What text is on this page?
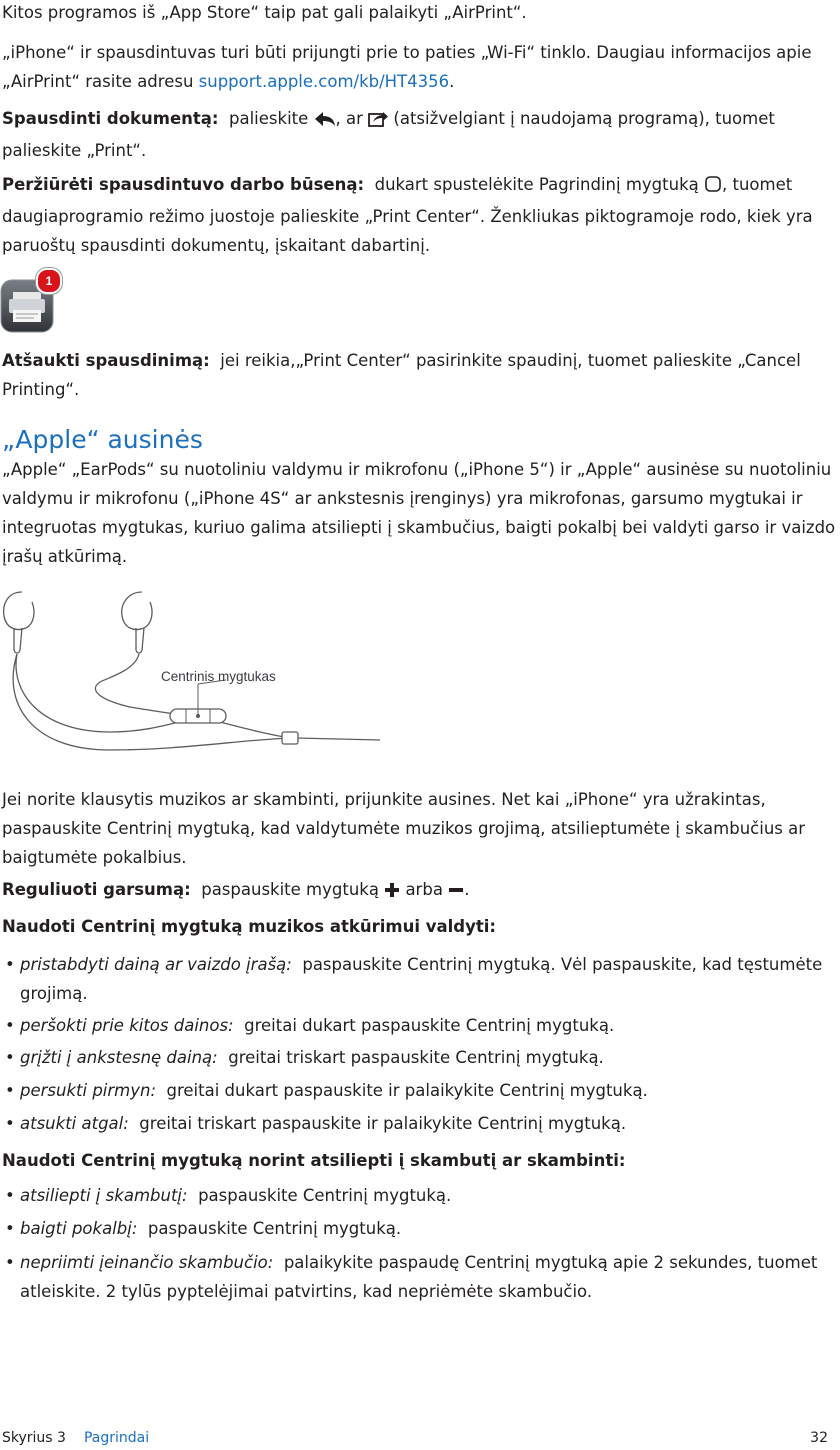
Kitos programos iš „App Store“ taip pat gali palaikyti „AirPrint“.

„iPhone“ ir spausdintuvas turi būti prijungti prie to paties „Wi-Fi“ tinklo. Daugiau informacijos apie „AirPrint“ rasite adresu support.apple.com/kb/HT4356.

Spausdinti dokumentą: palieskite , ar  (atsižvelgiant į naudojamą programą), tuomet palieskite „Print“.

Peržiūrėti spausdintuvo darbo būseną: dukart spustelėkite Pagrindinį mygtuką , tuomet daugiaprogramio režimo juostoje palieskite „Print Center“. Ženkliukas piktogramoje rodo, kiek yra paruoštų spausdinti dokumentų, įskaitant dabartinį.

1

Atšaukti spausdinimą: jei reikia,„Print Center“ pasirinkite spaudinį, tuomet palieskite „Cancel Printing“.

„Apple“ ausinės

„Apple“ „EarPods“ su nuotoliniu valdymu ir mikrofonu („iPhone 5“) ir „Apple“ ausinėse su nuotoliniu valdymu ir mikrofonu („iPhone 4S“ ar ankstesnis įrenginys) yra mikrofonas, garsumo mygtukai ir integruotas mygtukas, kuriuo galima atsiliepti į skambučius, baigti pokalbį bei valdyti garso ir vaizdo įrašų atkūrimą.

Centrinis mygtukas

Jei norite klausytis muzikos ar skambinti, prijunkite ausines. Net kai „iPhone“ yra užrakintas, paspauskite Centrinį mygtuką, kad valdytumėte muzikos grojimą, atsilieptumėte į skambučius ar baigtumėte pokalbius.

Reguliuoti garsumą: paspauskite mygtuką  arba .

Naudoti Centrinį mygtuką muzikos atkūrimui valdyti:

• pristabdyti dainą ar vaizdo įrašą: paspauskite Centrinį mygtuką. Vėl paspauskite, kad tęstumėte grojimą.
• peršokti prie kitos dainos: greitai dukart paspauskite Centrinį mygtuką.
• grįžti į ankstesnę dainą: greitai triskart paspauskite Centrinį mygtuką.
• persukti pirmyn: greitai dukart paspauskite ir palaikykite Centrinį mygtuką.
• atsukti atgal: greitai triskart paspauskite ir palaikykite Centrinį mygtuką.

Naudoti Centrinį mygtuką norint atsiliepti į skambutį ar skambinti:

• atsiliepti į skambutį: paspauskite Centrinį mygtuką.
• baigti pokalbį: paspauskite Centrinį mygtuką.
• nepriimti įeinančio skambučio: palaikykite paspaudę Centrinį mygtuką apie 2 sekundes, tuomet atleiskite. 2 tylūs pyptelėjimai patvirtins, kad nepriėmėte skambučio.
Skyrius 3 Pagrindai	32
